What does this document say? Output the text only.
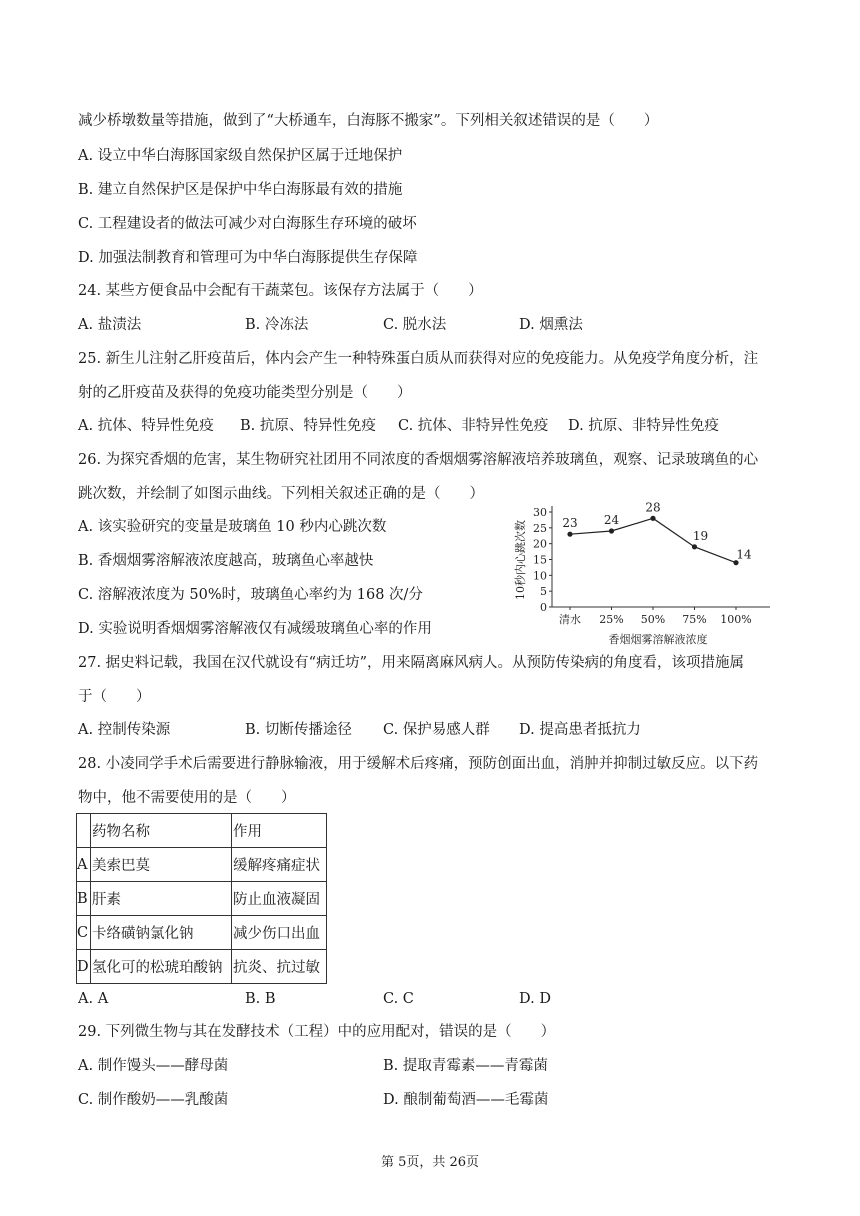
减少桥墩数量等措施，做到了“大桥通车，白海豚不搬家”。下列相关叙述错误的是（　　）
A. 设立中华白海豚国家级自然保护区属于迁地保护
B. 建立自然保护区是保护中华白海豚最有效的措施
C. 工程建设者的做法可减少对白海豚生存环境的破坏
D. 加强法制教育和管理可为中华白海豚提供生存保障
24. 某些方便食品中会配有干蔬菜包。该保存方法属于（　　）
A. 盐渍法	B. 冷冻法	C. 脱水法	D. 烟熏法
25. 新生儿注射乙肝疫苗后，体内会产生一种特殊蛋白质从而获得对应的免疫能力。从免疫学角度分析，注
射的乙肝疫苗及获得的免疫功能类型分别是（　　）
A. 抗体、特异性免疫 B. 抗原、特异性免疫 C. 抗体、非特异性免疫 D. 抗原、非特异性免疫
26. 为探究香烟的危害，某生物研究社团用不同浓度的香烟烟雾溶解液培养玻璃鱼，观察、记录玻璃鱼的心
跳次数，并绘制了如图示曲线。下列相关叙述正确的是（　　）
A. 该实验研究的变量是玻璃鱼 10 秒内心跳次数
B. 香烟烟雾溶解液浓度越高，玻璃鱼心率越快
C. 溶解液浓度为 50%时，玻璃鱼心率约为 168 次/分
D. 实验说明香烟烟雾溶解液仅有减缓玻璃鱼心率的作用
0
5
10
15
20
25
30
清水 25% 50% 75% 100%
23 24
28
19
14
香烟烟雾溶解液浓度
10秒内心跳次数
27. 据史料记载，我国在汉代就设有“病迁坊”，用来隔离麻风病人。从预防传染病的角度看，该项措施属
于（　　）
A. 控制传染源	B. 切断传播途径 C. 保护易感人群 D. 提高患者抵抗力
28. 小凌同学手术后需要进行静脉输液，用于缓解术后疼痛，预防创面出血，消肿并抑制过敏反应。以下药
物中，他不需要使用的是（　　）
	药物名称	作用
A	美索巴莫	缓解疼痛症状
B	肝素	防止血液凝固
C	卡络磺钠氯化钠	减少伤口出血
D	氢化可的松琥珀酸钠	抗炎、抗过敏
A. A	B. B	C. C	D. D
29. 下列微生物与其在发酵技术（工程）中的应用配对，错误的是（　　）
A. 制作馒头——酵母菌	B. 提取青霉素——青霉菌
C. 制作酸奶——乳酸菌	D. 酿制葡萄酒——毛霉菌
第 5页，共 26页
